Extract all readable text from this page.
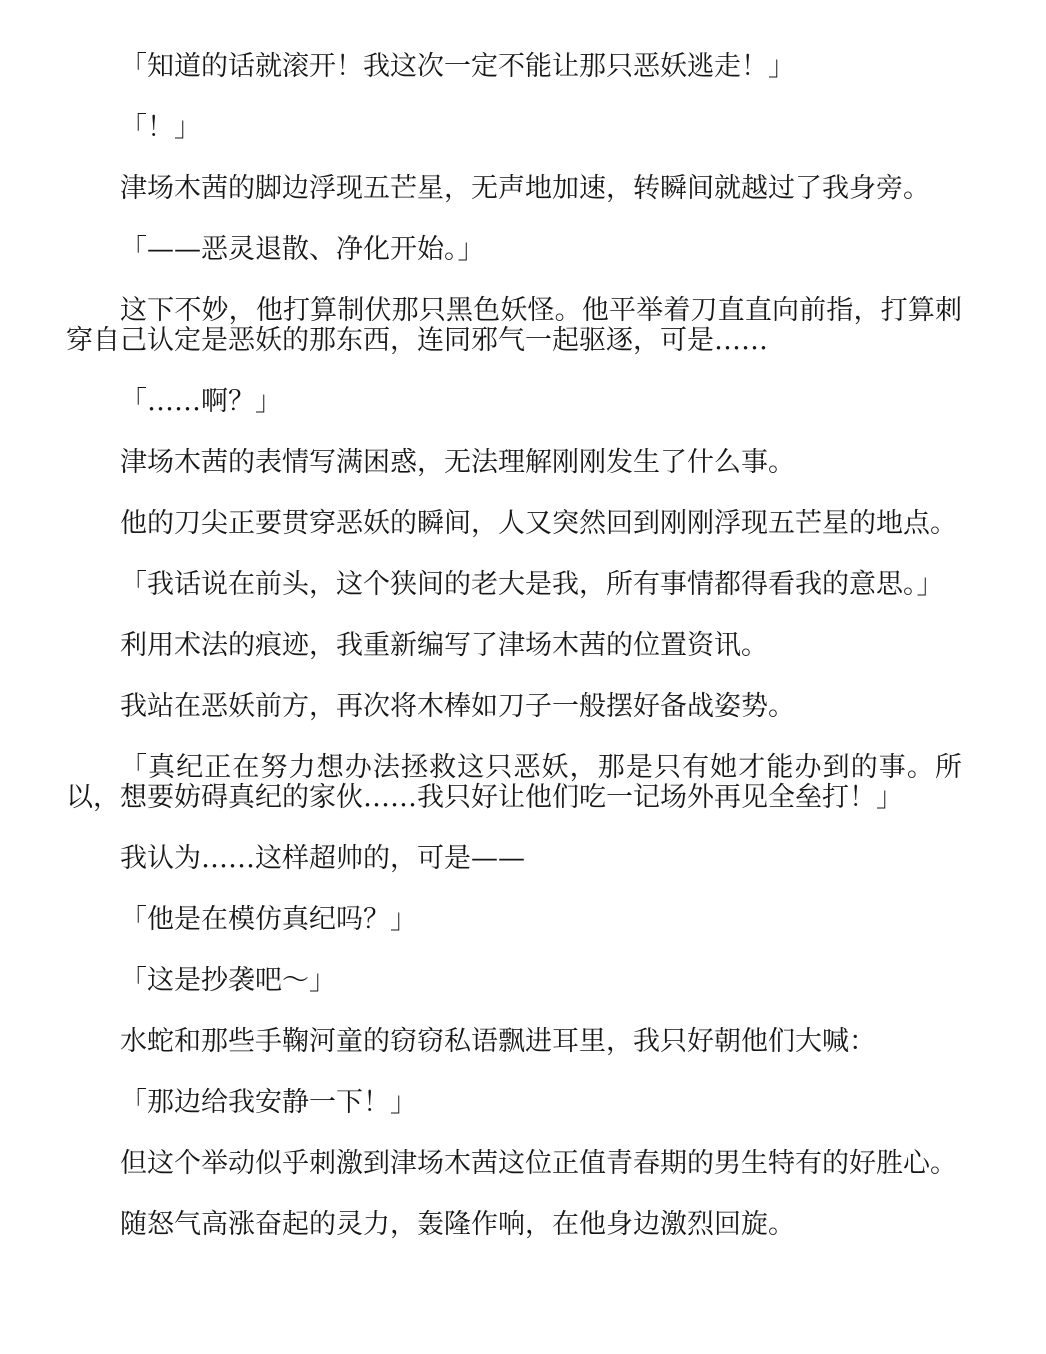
「知道的话就滚开！我这次一定不能让那只恶妖逃走！」

「！」

津场木茜的脚边浮现五芒星，无声地加速，转瞬间就越过了我身旁。

「——恶灵退散、净化开始。」

这下不妙，他打算制伏那只黑色妖怪。他平举着刀直直向前指，打算刺穿自己认定是恶妖的那东西，连同邪气一起驱逐，可是……

「……啊？」

津场木茜的表情写满困惑，无法理解刚刚发生了什么事。

他的刀尖正要贯穿恶妖的瞬间，人又突然回到刚刚浮现五芒星的地点。

「我话说在前头，这个狭间的老大是我，所有事情都得看我的意思。」

利用术法的痕迹，我重新编写了津场木茜的位置资讯。

我站在恶妖前方，再次将木棒如刀子一般摆好备战姿势。

「真纪正在努力想办法拯救这只恶妖，那是只有她才能办到的事。所以，想要妨碍真纪的家伙……我只好让他们吃一记场外再见全垒打！」

我认为……这样超帅的，可是——

「他是在模仿真纪吗？」

「这是抄袭吧～」

水蛇和那些手鞠河童的窃窃私语飘进耳里，我只好朝他们大喊：

「那边给我安静一下！」

但这个举动似乎刺激到津场木茜这位正值青春期的男生特有的好胜心。

随怒气高涨奋起的灵力，轰隆作响，在他身边激烈回旋。
